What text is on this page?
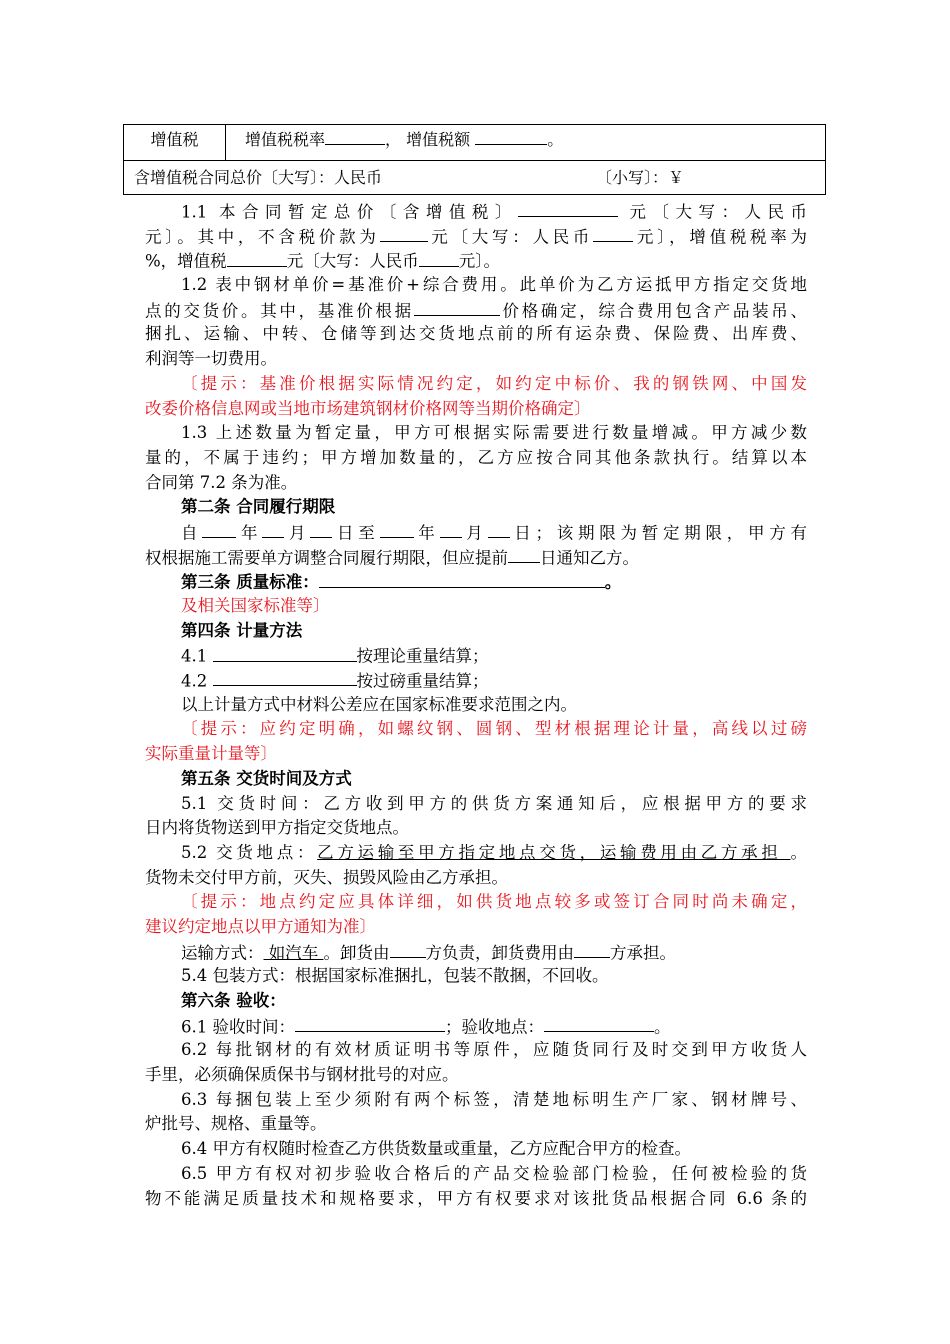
增值税	增值税税率	， 增值税额	。
含增值税合同总价〔大写〕：人民币	〔小写〕：￥
1.1 本合同暂定总价〔含增值税〕	元〔大写：人民币
元〕。其中，不含税价款为	元〔大写：人民币 元〕，增值税税率为
%，增值税	元〔大写：人民币 元〕。
1.2 表中钢材单价=基准价+综合费用。此单价为乙方运抵甲方指定交货地
点的交货价。其中，基准价根据	价格确定，综合费用包含产品装吊、
捆扎、运输、中转、仓储等到达交货地点前的所有运杂费、保险费、出库费、
利润等一切费用。
〔提示：基准价根据实际情况约定，如约定中标价、我的钢铁网、中国发
改委价格信息网或当地市场建筑钢材价格网等当期价格确定〕
1.3 上述数量为暂定量，甲方可根据实际需要进行数量增减。甲方减少数
量的，不属于违约；甲方增加数量的，乙方应按合同其他条款执行。结算以本
合同第 7.2 条为准。
第二条 合同履行期限
自 年 月 日至 年 月 日；该期限为暂定期限，甲方有
权根据施工需要单方调整合同履行期限，但应提前 日通知乙方。
第三条 质量标准：	。
及相关国家标准等〕
第四条 计量方法
4.1	按理论重量结算；
4.2	按过磅重量结算；
以上计量方式中材料公差应在国家标准要求范围之内。
〔提示：应约定明确，如螺纹钢、圆钢、型材根据理论计量，高线以过磅
实际重量计量等〕
第五条 交货时间及方式
5.1 交货时间：乙方收到甲方的供货方案通知后，应根据甲方的要求
日内将货物送到甲方指定交货地点。
5.2 交货地点：乙方运输至甲方指定地点交货，运输费用由乙方承担 。
货物未交付甲方前，灭失、损毁风险由乙方承担。
〔提示：地点约定应具体详细，如供货地点较多或签订合同时尚未确定，
建议约定地点以甲方通知为准〕
运输方式： 如汽车 。卸货由 方负责，卸货费用由 方承担。
5.4 包装方式：根据国家标准捆扎，包装不散捆，不回收。
第六条 验收：
6.1 验收时间：	；验收地点：	。
6.2 每批钢材的有效材质证明书等原件，应随货同行及时交到甲方收货人
手里，必须确保质保书与钢材批号的对应。
6.3 每捆包装上至少须附有两个标签，清楚地标明生产厂家、钢材牌号、
炉批号、规格、重量等。
6.4 甲方有权随时检查乙方供货数量或重量，乙方应配合甲方的检查。
6.5 甲方有权对初步验收合格后的产品交检验部门检验，任何被检验的货
物不能满足质量技术和规格要求，甲方有权要求对该批货品根据合同 6.6 条的
